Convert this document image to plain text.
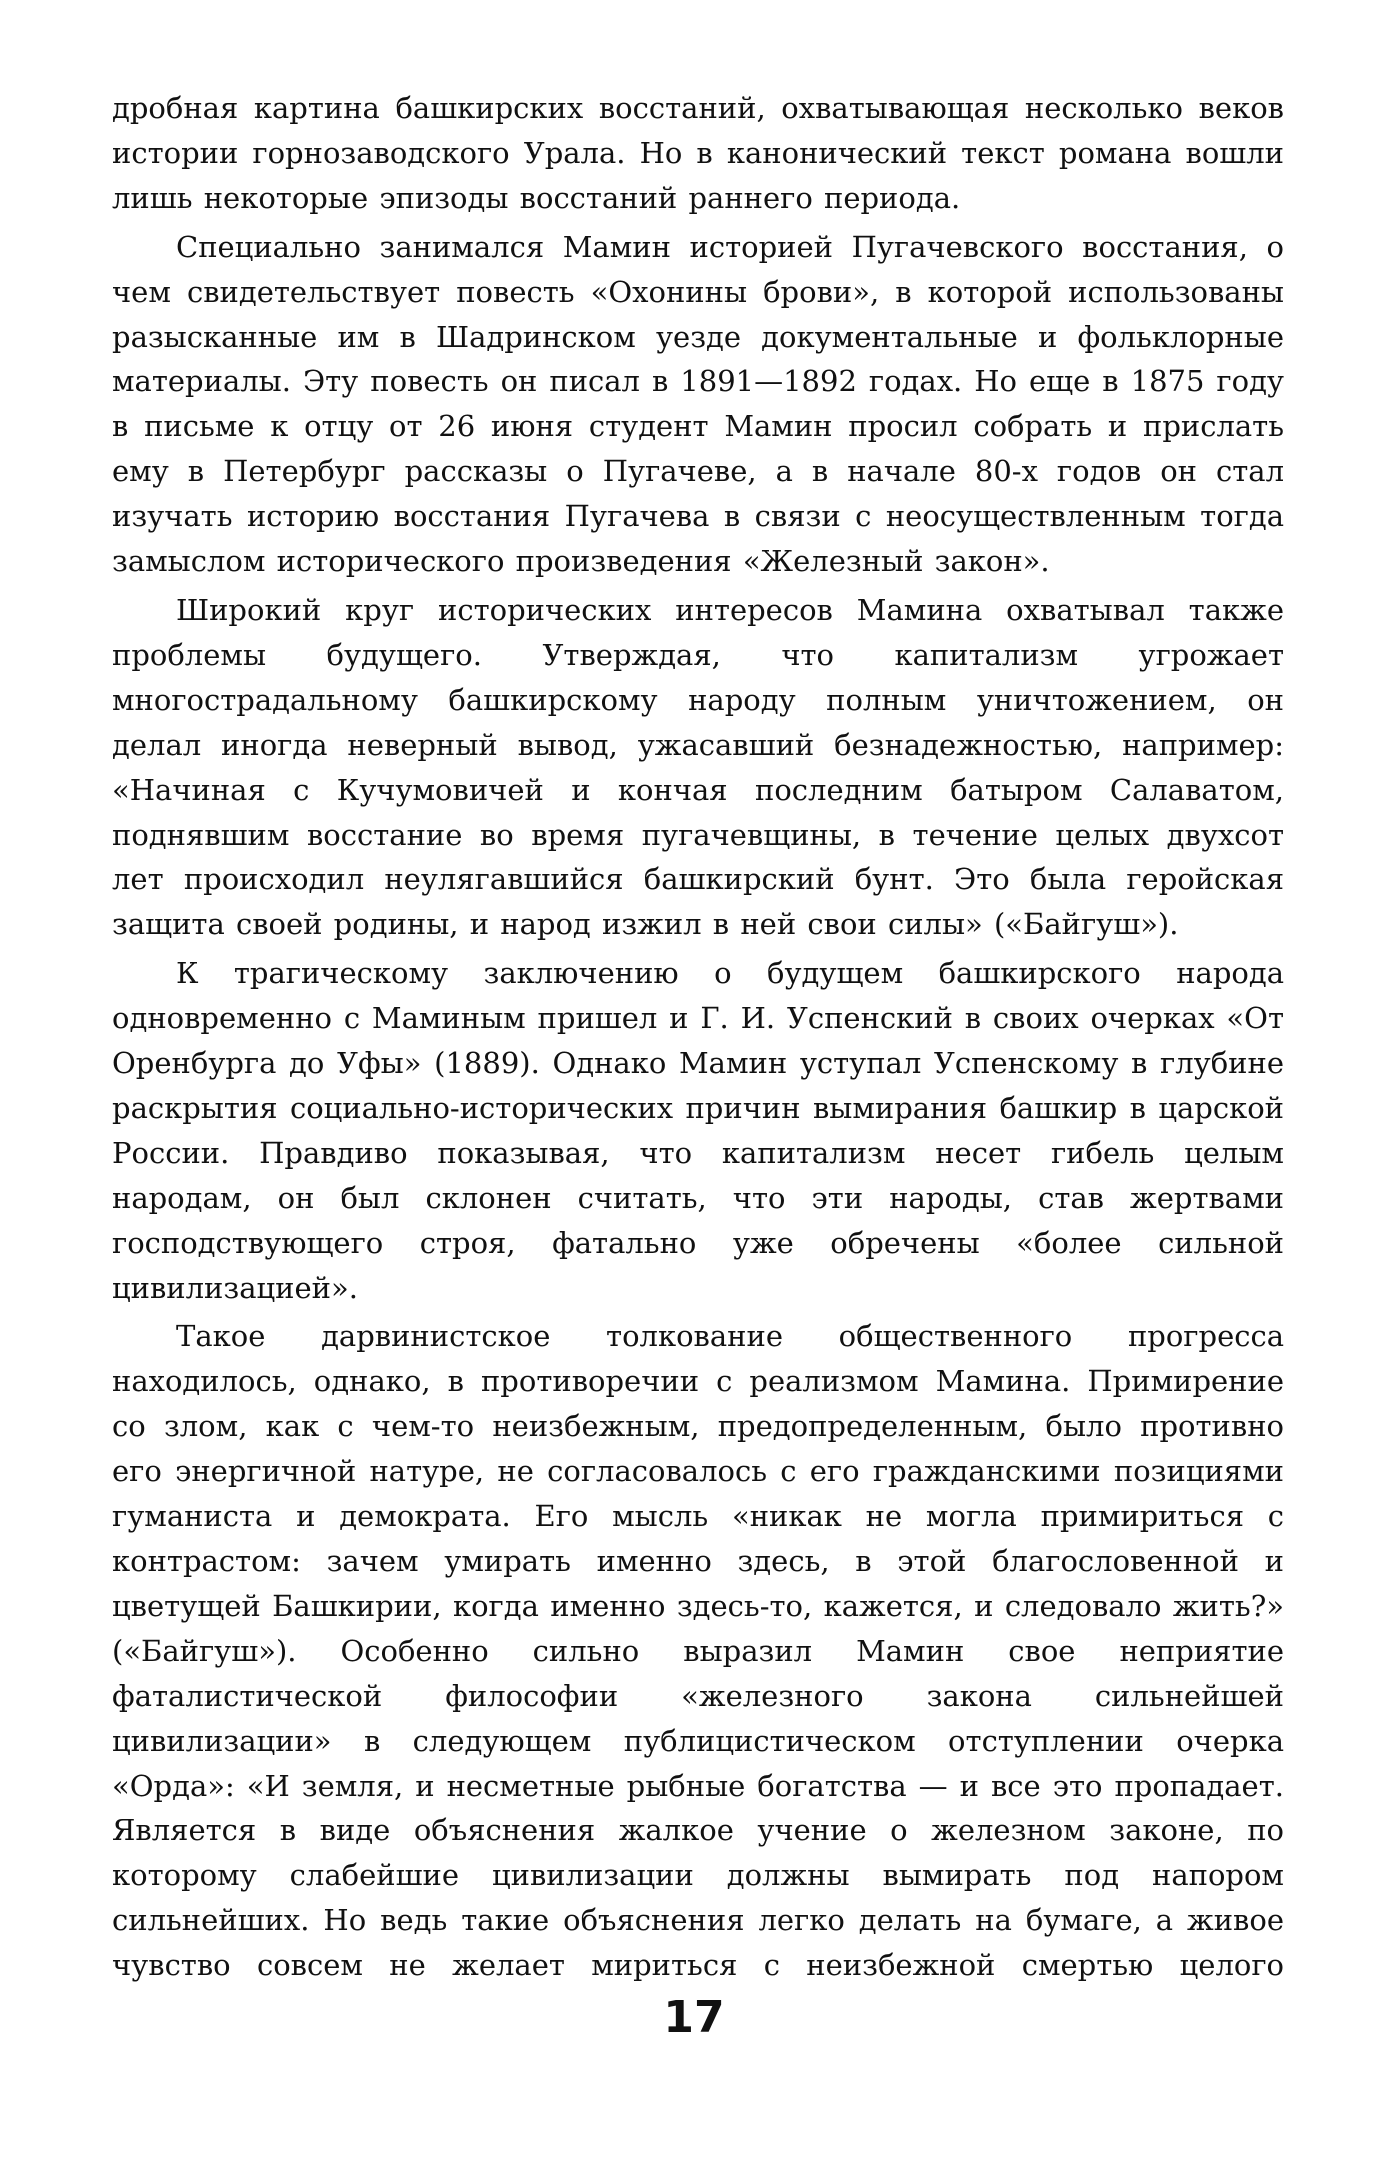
дробная картина башкирских восстаний, охватывающая несколько веков истории горнозаводского Урала. Но в канонический текст романа вошли лишь некоторые эпизоды восстаний раннего периода.

Специально занимался Мамин историей Пугачевского восстания, о чем свидетельствует повесть «Охонины брови», в которой использованы разысканные им в Шадринском уезде документальные и фольклорные материалы. Эту повесть он писал в 1891—1892 годах. Но еще в 1875 году в письме к отцу от 26 июня студент Мамин просил собрать и прислать ему в Петербург рассказы о Пугачеве, а в начале 80-х годов он стал изучать историю восстания Пугачева в связи с неосуществленным тогда замыслом исторического произведения «Железный закон».

Широкий круг исторических интересов Мамина охватывал также проблемы будущего. Утверждая, что капитализм угрожает многострадальному башкирскому народу полным уничтожением, он делал иногда неверный вывод, ужасавший безнадежностью, например: «Начиная с Кучумовичей и кончая последним батыром Салаватом, поднявшим восстание во время пугачевщины, в течение целых двухсот лет происходил неулягавшийся башкирский бунт. Это была геройская защита своей родины, и народ изжил в ней свои силы» («Байгуш»).

К трагическому заключению о будущем башкирского народа одновременно с Маминым пришел и Г. И. Успенский в своих очерках «От Оренбурга до Уфы» (1889). Однако Мамин уступал Успенскому в глубине раскрытия социально-исторических причин вымирания башкир в царской России. Правдиво показывая, что капитализм несет гибель целым народам, он был склонен считать, что эти народы, став жертвами господствующего строя, фатально уже обречены «более сильной цивилизацией».

Такое дарвинистское толкование общественного прогресса находилось, однако, в противоречии с реализмом Мамина. Примирение со злом, как с чем-то неизбежным, предопределенным, было противно его энергичной натуре, не согласовалось с его гражданскими позициями гуманиста и демократа. Его мысль «никак не могла примириться с контрастом: зачем умирать именно здесь, в этой благословенной и цветущей Башкирии, когда именно здесь-то, кажется, и следовало жить?» («Байгуш»). Особенно сильно выразил Мамин свое неприятие фаталистической философии «железного закона сильнейшей цивилизации» в следующем публицистическом отступлении очерка «Орда»: «И земля, и несметные рыбные богатства — и все это пропадает. Является в виде объяснения жалкое учение о железном законе, по которому слабейшие цивилизации должны вымирать под напором сильнейших. Но ведь такие объяснения легко делать на бумаге, а живое чувство совсем не желает мириться с неизбежной смертью целого

17
